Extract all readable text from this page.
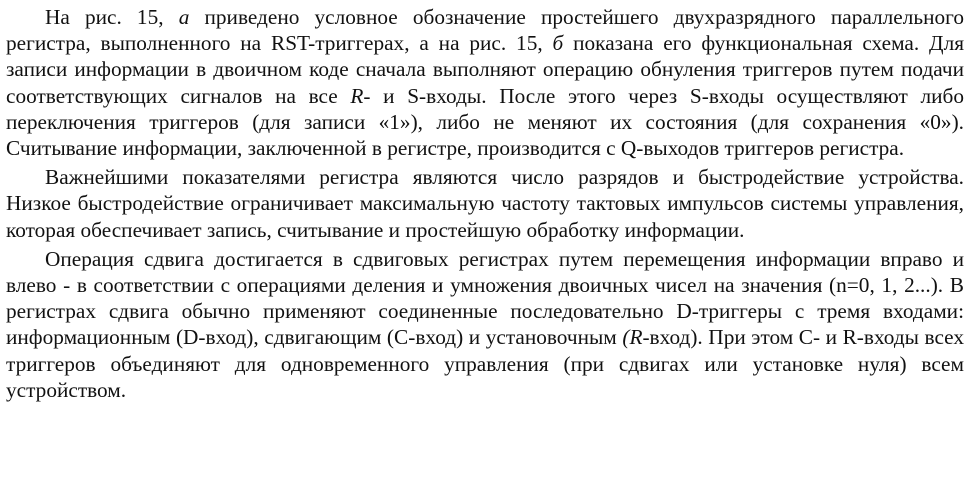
На рис. 15, а приведено условное обозначение простейшего двухразрядного параллельного регистра, выполненного на RST-триггерах, а на рис. 15, б показана его функциональная схема. Для записи информации в двоичном коде сначала выполняют операцию обнуления триггеров путем подачи соответствующих сигналов на все R- и S-входы. После этого через S-входы осуществляют либо переключения триггеров (для записи «1»), либо не меняют их состояния (для сохранения «0»). Считывание информации, заключенной в регистре, производится с Q-выходов триггеров регистра.

Важнейшими показателями регистра являются число разрядов и быстродействие устройства. Низкое быстродействие ограничивает максимальную частоту тактовых импульсов системы управления, которая обеспечивает запись, считывание и простейшую обработку информации.

Операция сдвига достигается в сдвиговых регистрах путем перемещения информации вправо и влево - в соответствии с операциями деления и умножения двоичных чисел на значения (n=0, 1, 2...). В регистрах сдвига обычно применяют соединенные последовательно D-триггеры с тремя входами: информационным (D-вход), сдвигающим (С-вход) и установочным (R-вход). При этом С- и R-входы всех триггеров объединяют для одновременного управления (при сдвигах или установке нуля) всем устройством.
